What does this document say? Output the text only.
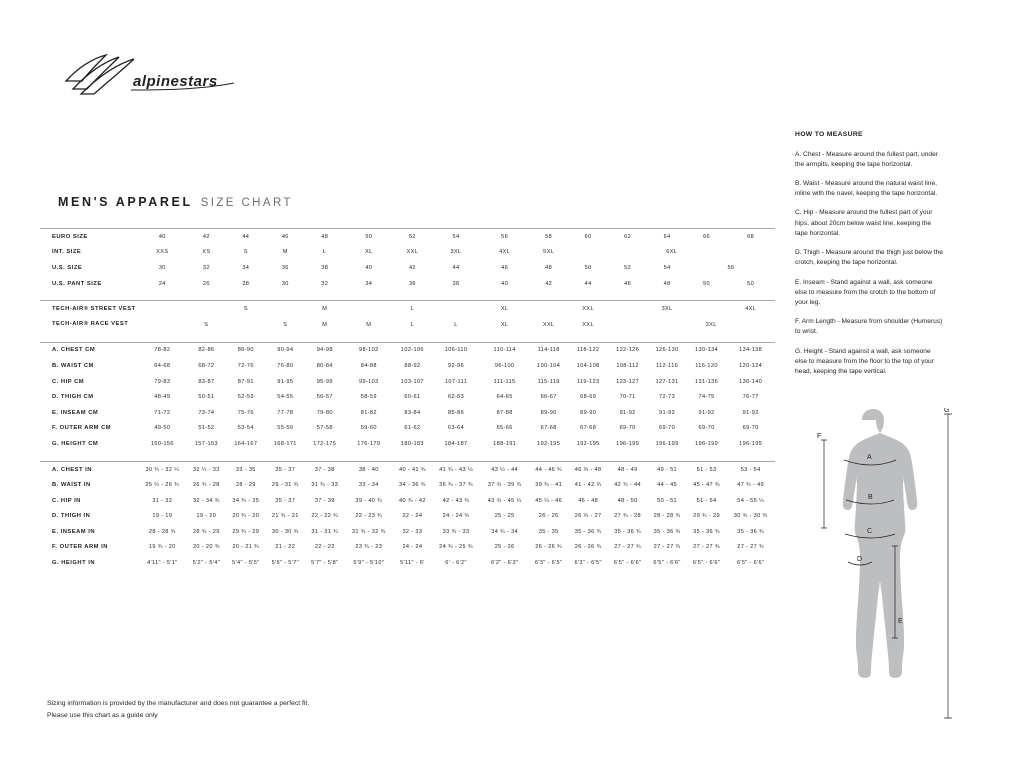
alpinestars
MEN'S APPAREL SIZE CHART
EURO SIZE	40	42	44	46	48	50	52	54	56	58	60	62	64	66	68
INT. SIZE	XXS		XS		S		M		L		XL		XXL		3XL		4XL		5XL		6XL				
U.S. SIZE	30		32		34		36		38		40		42		44		46		48		50		52		54		56	
U.S. PANT SIZE	24		26		28		30		32		34		36		38		40		42		44		46		48		50		50

TECH-AIR® STREET VEST					S				M				L				XL				XXL				3XL				4XL
TECH-AIR® RACE VEST			S				S		M		M		L		L		XL		XXL		XXL				3XL		

A. CHEST CM	78-82	82-86	86-90	90-94	94-98	98-102	102-106	106-110	110-114	114-118	118-122	122-126	126-130	130-134	134-138
B. WAIST CM	64-68	68-72	72-76	76-80	80-84	84-88	88-92	92-96	96-100	100-104	104-108	108-112	112-116	116-120	120-124
C. HIP CM	79-83	83-87	87-91	91-95	95-99	99-103	103-107	107-111	111-115	115-119	119-123	123-127	127-131	131-136	136-140
D. THIGH CM	48-49	50-51	52-53	54-55	56-57	58-59	60-61	62-63	64-65	66-67	68-69	70-71	72-73	74-75	76-77
E. INSEAM CM	71-72	73-74	75-76	77-78	79-80	81-82	83-84	85-86	87-88	89-90	89-90	91-92	91-92	91-92	91-92
F. OUTER ARM CM	49-50	51-52	53-54	55-56	57-58	59-60	61-62	63-64	65-66	67-68	67-68	69-70	69-70	69-70	69-70
G. HEIGHT CM	150-156	157-163	164-167	168-171	172-175	176-179	180-183	184-187	188-191	192-195	192-195	196-199	196-199	196-199	196-199

A. CHEST IN	30 ¾ - 32 ¼	32 ¼ - 33	33 - 35	35 - 37	37 - 38	38 - 40	40 - 41 ¾	41 ¾ - 43 ¼	43 ¼ - 44	44 - 46 ¾	46 ¾ - 48	48 - 49	49 - 51	51 - 53	53 - 54
B. WAIST IN	25 ¼ - 26 ¾	26 ¾ - 28	28 - 29	29 - 31 ¾	31 ¾ - 33	33 - 34	34 - 36 ¾	36 ¾ - 37 ¾	37 ¾ - 39 ¾	39 ¾ - 41	41 - 42 ¾	42 ¾ - 44	44 - 45	45 - 47 ¾	47 ¾ - 49
C. HIP IN	31 - 32	32 - 34 ¾	34 ¾ - 35	35 - 37	37 - 39	39 - 40 ¾	40 ¾ - 42	42 - 43 ¾	43 ¾ - 45 ¼	45 ¼ - 46	46 - 48	48 - 50	50 - 51	51 - 54	54 - 55 ¼
D. THIGH IN	19 - 19	19 - 20	20 ¾ - 20	21 ¾ - 21	22 - 22 ¾	22 - 23 ¾	22 - 24	24 - 24 ¾	25 - 25	26 - 26	26 ¾ - 27	27 ¾ - 28	28 - 28 ¾	29 ¾ - 29	30 ¾ - 30 ¾
E. INSEAM IN	28 - 28 ¾	28 ¾ - 29	29 ¾ - 29	30 - 30 ¾	31 - 31 ¾	31 ¾ - 32 ¾	32 - 33	33 ¾ - 33	34 ¾ - 34	35 - 35	35 - 36 ¾	35 - 36 ¾	35 - 36 ¾	35 - 36 ¾	35 - 36 ¾
F. OUTER ARM IN	19 ¾ - 20	20 - 20 ¾	20 - 21 ¾	21 - 22	22 - 22	23 ¾ - 23	24 - 24	24 ¾ - 25 ¾	25 - 26	26 - 26 ¾	26 - 26 ¾	27 - 27 ¾	27 - 27 ¾	27 - 27 ¾	27 - 27 ¾
G. HEIGHT IN	4'11" - 5'1"	5'2" - 5'4"	5'4" - 5'5"	5'6" - 5'7"	5'7" - 5'8"	5'9" - 5'10"	5'11" - 6'	6' - 6'2"	6'2" - 6'3"	6'3" - 6'5"	6'3" - 6'5"	6'5" - 6'6"	6'5" - 6'6"	6'5" - 6'6"	6'5" - 6'6"
HOW TO MEASURE

A. Chest - Measure around the fullest part, under the armpits, keeping the tape horizontal.

B. Waist - Measure around the natural waist line, inline with the navel, keeping the tape horizontal.

C. Hip - Measure around the fullest part of your hips, about 20cm below waist line, keeping the tape horizontal.

D. Thigh - Measure around the thigh just below the crotch, keeping the tape horizontal.

E. Inseam - Stand against a wall, ask someone else to measure from the crotch to the bottom of your leg.

F. Arm Length - Measure from shoulder (Humerus) to wrist.

G. Height - Stand against a wall, ask someone else to measure from the floor to the top of your head, keeping the tape vertical.

A
B
C
D
E
F
G
Sizing information is provided by the manufacturer and does not guarantee a perfect fit.
Please use this chart as a guide only
